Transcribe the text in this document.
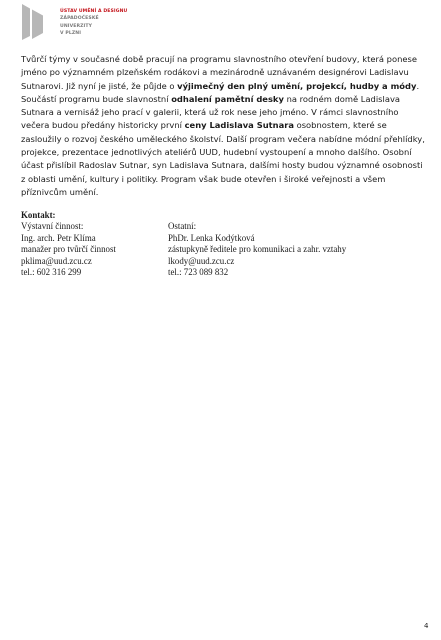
ÚSTAV UMĚNÍ A DESIGNU
ZÁPADOČESKÉ
UNIVERZITY
V PLZNI

Tvůrčí týmy v současné době pracují na programu slavnostního otevření budovy, která ponese jméno po významném plzeňském rodákovi a mezinárodně uznávaném designérovi Ladislavu Sutnarovi. Již nyní je jisté, že půjde o výjimečný den plný umění, projekcí, hudby a módy. Součástí programu bude slavnostní odhalení pamětní desky na rodném domě Ladislava Sutnara a vernisáž jeho prací v galerii, která už rok nese jeho jméno. V rámci slavnostního večera budou předány historicky první ceny Ladislava Sutnara osobnostem, které se zasloužily o rozvoj českého uměleckého školství. Další program večera nabídne módní přehlídky, projekce, prezentace jednotlivých ateliérů UUD, hudební vystoupení a mnoho dalšího. Osobní účast přislíbil Radoslav Sutnar, syn Ladislava Sutnara, dalšími hosty budou významné osobnosti z oblasti umění, kultury i politiky. Program však bude otevřen i široké veřejnosti a všem příznivcům umění.

Kontakt:
Výstavní činnost:	Ostatní:
Ing. arch. Petr Klíma	PhDr. Lenka Kodýtková
manažer pro tvůrčí činnost	zástupkyně ředitele pro komunikaci a zahr. vztahy
pklima@uud.zcu.cz	lkody@uud.zcu.cz
tel.: 602 316 299	tel.: 723 089 832
4
